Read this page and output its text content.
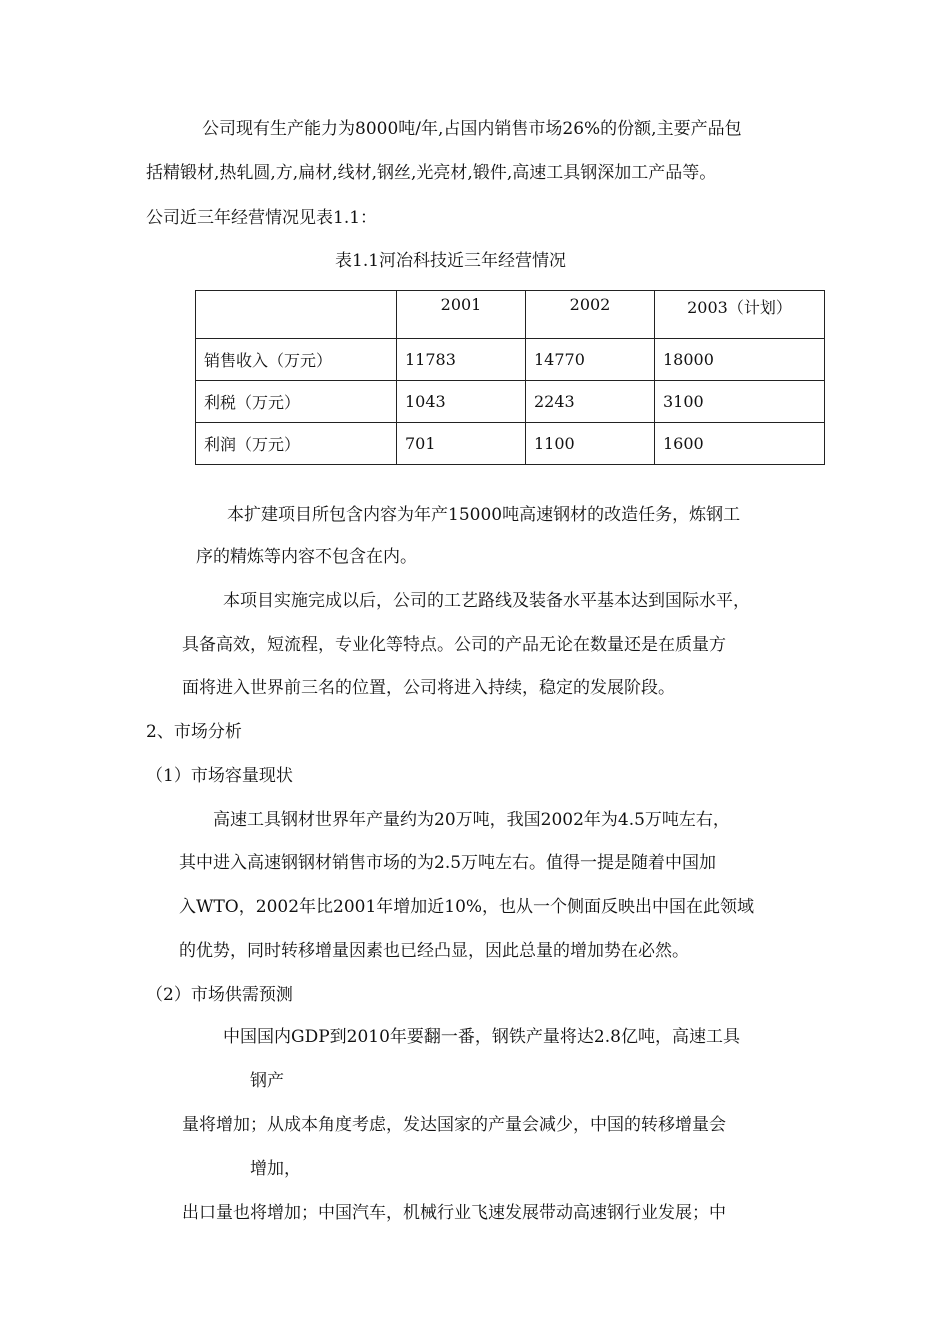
公司现有生产能力为8000吨/年,占国内销售市场26%的份额,主要产品包

括精锻材,热轧圆,方,扁材,线材,钢丝,光亮材,锻件,高速工具钢深加工产品等。

公司近三年经营情况见表1.1：

表1.1河冶科技近三年经营情况

	2001	2002	2003（计划）
销售收入（万元）	11783	14770	18000
利税（万元）	1043	2243	3100
利润（万元）	701	1100	1600

本扩建项目所包含内容为年产15000吨高速钢材的改造任务，炼钢工

序的精炼等内容不包含在内。

本项目实施完成以后，公司的工艺路线及装备水平基本达到国际水平，

具备高效，短流程，专业化等特点。公司的产品无论在数量还是在质量方

面将进入世界前三名的位置，公司将进入持续，稳定的发展阶段。

2、市场分析

（1）市场容量现状

高速工具钢材世界年产量约为20万吨，我国2002年为4.5万吨左右，

其中进入高速钢钢材销售市场的为2.5万吨左右。值得一提是随着中国加

入WTO，2002年比2001年增加近10%，也从一个侧面反映出中国在此领域

的优势，同时转移增量因素也已经凸显，因此总量的增加势在必然。

（2）市场供需预测

中国国内GDP到2010年要翻一番，钢铁产量将达2.8亿吨，高速工具

钢产

量将增加；从成本角度考虑，发达国家的产量会减少，中国的转移增量会

增加，

出口量也将增加；中国汽车，机械行业飞速发展带动高速钢行业发展；中
